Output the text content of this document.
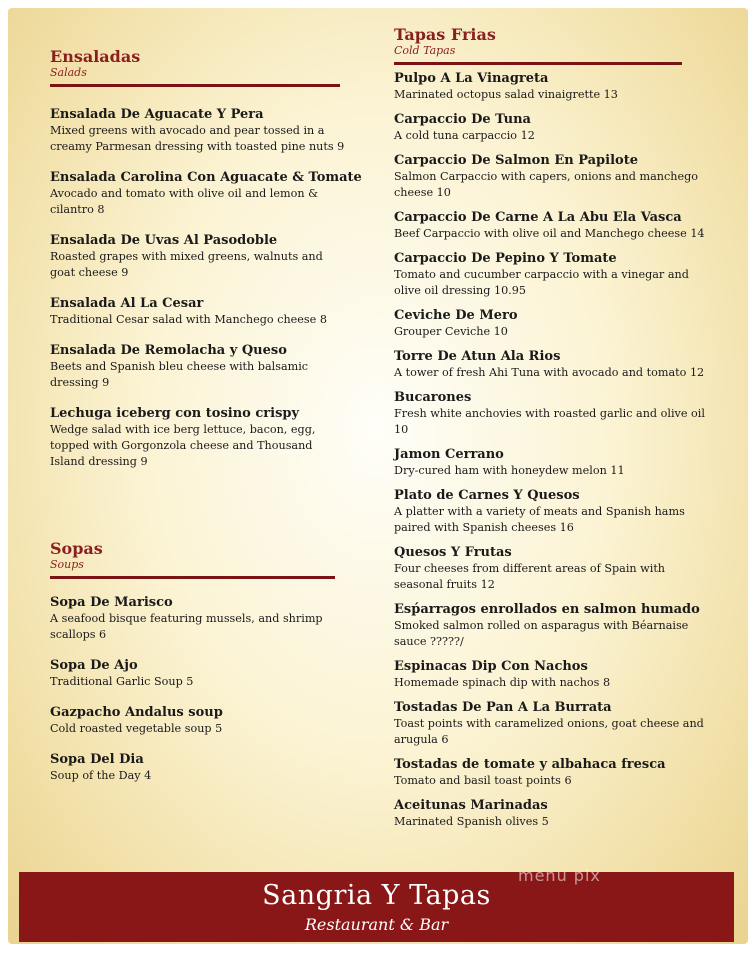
Ensaladas
Salads
Ensalada De Aguacate Y Pera
Mixed greens with avocado and pear tossed in a creamy Parmesan dressing with toasted pine nuts 9
Ensalada Carolina Con Aguacate & Tomate
Avocado and tomato with olive oil and lemon & cilantro 8
Ensalada De Uvas Al Pasodoble
Roasted grapes with mixed greens, walnuts and goat cheese 9
Ensalada Al La Cesar
Traditional Cesar salad with Manchego cheese 8
Ensalada De Remolacha y Queso
Beets and Spanish bleu cheese with balsamic dressing 9
Lechuga iceberg con tosino crispy
Wedge salad with ice berg lettuce, bacon, egg, topped with Gorgonzola cheese and Thousand Island dressing 9
Sopas
Soups
Sopa De Marisco
A seafood bisque featuring mussels, and shrimp scallops 6
Sopa De Ajo
Traditional Garlic Soup 5
Gazpacho Andalus soup
Cold roasted vegetable soup 5
Sopa Del Dia
Soup of the Day 4
Tapas Frias
Cold Tapas
Pulpo A La Vinagreta
Marinated octopus salad vinaigrette 13
Carpaccio De Tuna
A cold tuna carpaccio 12
Carpaccio De Salmon En Papilote
Salmon Carpaccio with capers, onions and manchego cheese 10
Carpaccio De Carne A La Abu Ela Vasca
Beef Carpaccio with olive oil and Manchego cheese 14
Carpaccio De Pepino Y Tomate
Tomato and cucumber carpaccio with a vinegar and olive oil dressing 10.95
Ceviche De Mero
Grouper Ceviche 10
Torre De Atun Ala Rios
A tower of fresh Ahi Tuna with avocado and tomato 12
Bucarones
Fresh white anchovies with roasted garlic and olive oil 10
Jamon Cerrano
Dry-cured ham with honeydew melon 11
Plato de Carnes Y Quesos
A platter with a variety of meats and Spanish hams paired with Spanish cheeses 16
Quesos Y Frutas
Four cheeses from different areas of Spain with seasonal fruits 12
Esṕarragos enrollados en salmon humado
Smoked salmon rolled on asparagus with Béarnaise sauce ?????/
Espinacas Dip Con Nachos
Homemade spinach dip with nachos 8
Tostadas De Pan A La Burrata
Toast points with caramelized onions, goat cheese and arugula 6
Tostadas de tomate y albahaca fresca
Tomato and basil toast points 6
Aceitunas Marinadas
Marinated Spanish olives 5
Sangria Y Tapas
Restaurant & Bar
menu pix
